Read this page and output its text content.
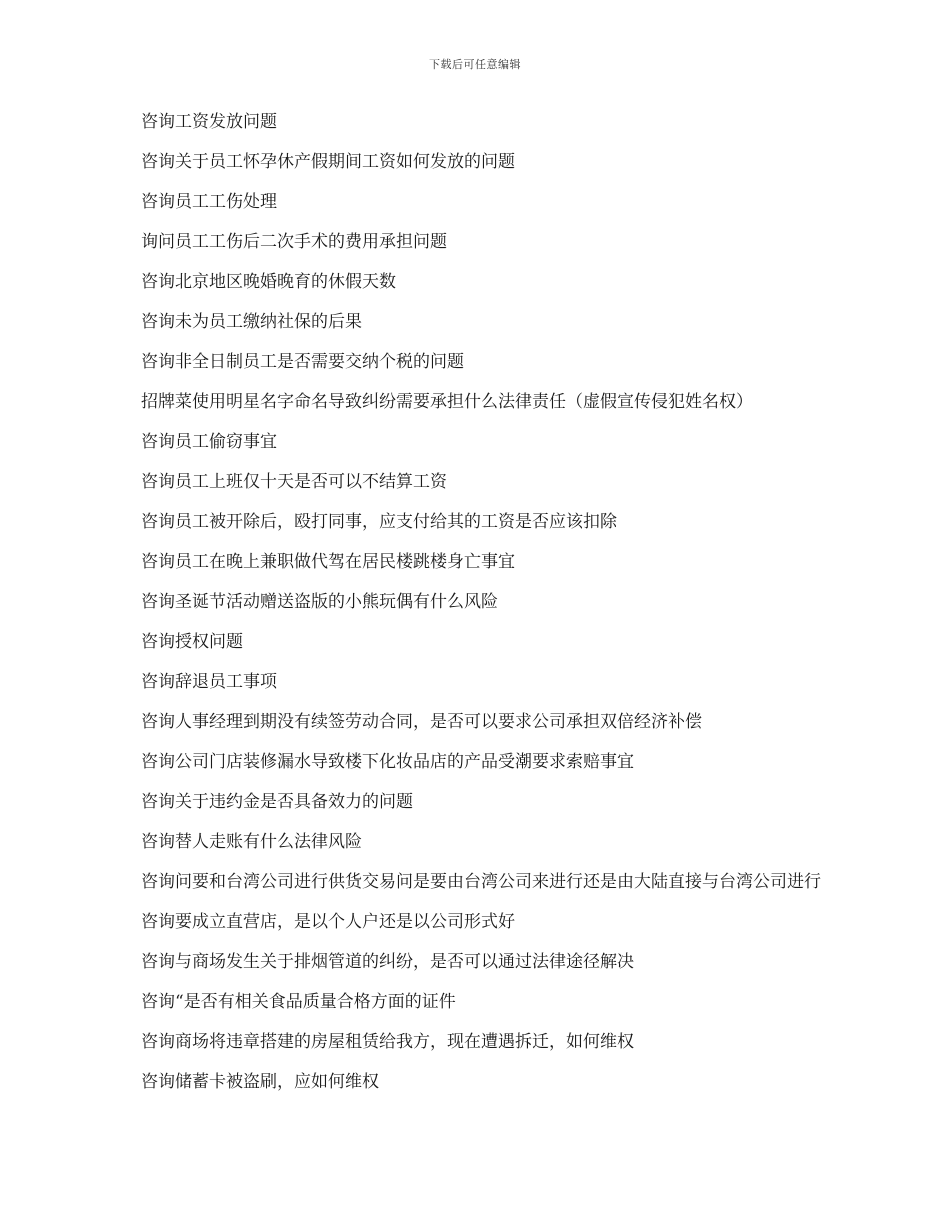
下载后可任意编辑
咨询工资发放问题
咨询关于员工怀孕休产假期间工资如何发放的问题
咨询员工工伤处理
询问员工工伤后二次手术的费用承担问题
咨询北京地区晚婚晚育的休假天数
咨询未为员工缴纳社保的后果
咨询非全日制员工是否需要交纳个税的问题
招牌菜使用明星名字命名导致纠纷需要承担什么法律责任（虚假宣传侵犯姓名权）
咨询员工偷窃事宜
咨询员工上班仅十天是否可以不结算工资
咨询员工被开除后，殴打同事，应支付给其的工资是否应该扣除
咨询员工在晚上兼职做代驾在居民楼跳楼身亡事宜
咨询圣诞节活动赠送盗版的小熊玩偶有什么风险
咨询授权问题
咨询辞退员工事项
咨询人事经理到期没有续签劳动合同，是否可以要求公司承担双倍经济补偿
咨询公司门店装修漏水导致楼下化妆品店的产品受潮要求索赔事宜
咨询关于违约金是否具备效力的问题
咨询替人走账有什么法律风险
咨询问要和台湾公司进行供货交易问是要由台湾公司来进行还是由大陆直接与台湾公司进行
咨询要成立直营店，是以个人户还是以公司形式好
咨询与商场发生关于排烟管道的纠纷，是否可以通过法律途径解决
咨询“是否有相关食品质量合格方面的证件
咨询商场将违章搭建的房屋租赁给我方，现在遭遇拆迁，如何维权
咨询储蓄卡被盗刷，应如何维权
